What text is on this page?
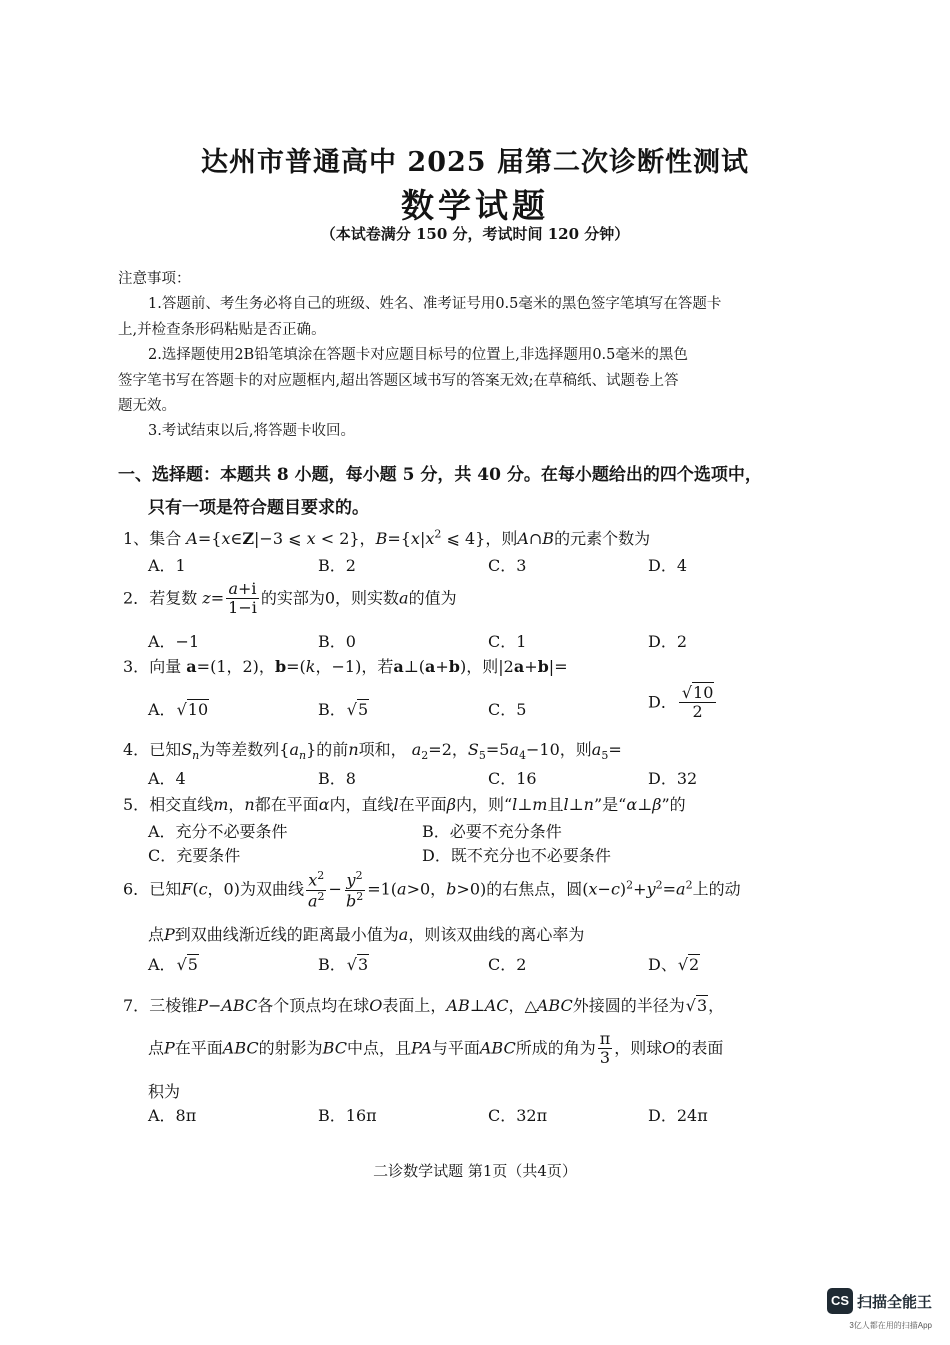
达州市普通高中 2025 届第二次诊断性测试
数学试题
（本试卷满分 150 分，考试时间 120 分钟）
注意事项：
1.答题前、考生务必将自己的班级、姓名、准考证号用0.5毫米的黑色签字笔填写在答题卡
上,并检查条形码粘贴是否正确。
2.选择题使用2B铅笔填涂在答题卡对应题目标号的位置上,非选择题用0.5毫米的黑色
签字笔书写在答题卡的对应题框内,超出答题区域书写的答案无效;在草稿纸、试题卷上答
题无效。
3.考试结束以后,将答题卡收回。
一、选择题：本题共 8 小题，每小题 5 分，共 40 分。在每小题给出的四个选项中，
只有一项是符合题目要求的。
1、集合 A={x∈Z|−3 ⩽ x < 2}，$B=\{x|x^2$ ⩽ 4}，则A∩B的元素个数为
A．1	B．2	C．3	D．4
2．若复数 $z= \frac{a+i}{1-i}$ 的实部为0，则实数a的值为
A．−1	B．0	C．1	D．2
3．向量 a=(1，2)，b=(k，−1)，若a⊥(a+b)，则|2a+b|=
A．√10	B．√5	C．5	D． $\frac{√10}{2}$
4．已知$S_n$为等差数列$\{a_n\}$的前n项和， $a_2=2$，$S_5=5a_4-10$，则$a_5=$
A．4	B．8	C．16	D．32
5．相交直线m，n都在平面α内，直线l在平面β内，则“l⊥m且l⊥n”是“α⊥β”的
A．充分不必要条件	B．必要不充分条件
C．充要条件	D．既不充分也不必要条件
6．已知F(c，0)为双曲线 $\frac{x^2}{a^2} - \frac{y^2}{b^2} =1(a>0$，b>0)的右焦点，圆$(x-c)^2+y^2=a^2$上的动
点P到双曲线渐近线的距离最小值为a，则该双曲线的离心率为
A．√5	B．√3	C．2	D、√2
7．三棱锥P−ABC各个顶点均在球O表面上，AB⊥AC，△ABC外接圆的半径为√3，
点P在平面ABC的射影为BC中点，且PA与平面ABC所成的角为 $\frac{\pi}{3}$ ，则球O的表面
积为
A．8π	B．16π	C．32π	D．24π
二诊数学试题 第1页（共4页）
CS 扫描全能王
3亿人都在用的扫描App
